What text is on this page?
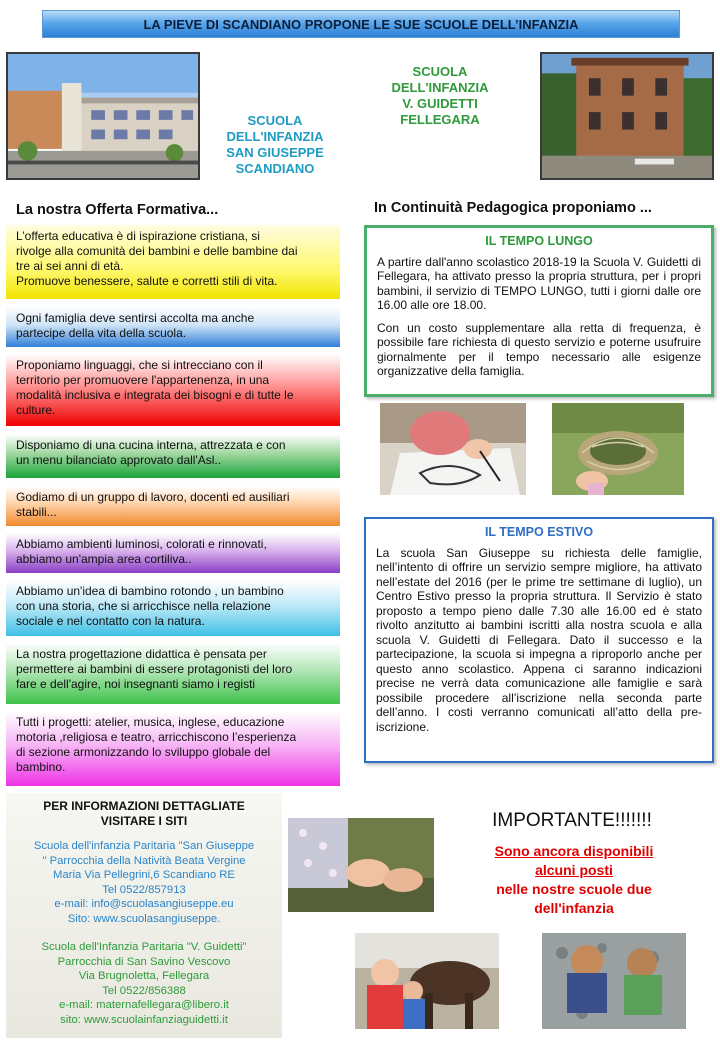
LA PIEVE DI SCANDIANO PROPONE LE SUE SCUOLE DELL’INFANZIA
SCUOLA
DELL'INFANZIA
SAN GIUSEPPE
SCANDIANO
SCUOLA
DELL'INFANZIA
V. GUIDETTI
FELLEGARA
La nostra Offerta Formativa...	In Continuità Pedagogica proponiamo ...
L’offerta educativa è di ispirazione cristiana, si
rivolge alla comunità dei bambini e delle bambine dai
tre ai sei anni di età.
Promuove benessere, salute e corretti stili di vita.
Ogni famiglia deve sentirsi accolta ma anche
partecipe della vita della scuola.
Proponiamo linguaggi, che si intrecciano con il
territorio per promuovere l'appartenenza, in una
modalità inclusiva e integrata dei bisogni e di tutte le
culture.
Disponiamo di una cucina interna, attrezzata e con
un menu bilanciato approvato dall'Asl..
Godiamo di un gruppo di lavoro, docenti ed ausiliari
stabili...
Abbiamo ambienti luminosi, colorati e rinnovati,
abbiamo un'ampia area cortiliva..
Abbiamo un'idea di bambino rotondo , un bambino
con una storia, che si arricchisce nella relazione
sociale e nel contatto con la natura.
La nostra progettazione didattica è pensata per
permettere ai bambini di essere protagonisti del loro
fare e dell'agire, noi insegnanti siamo i registi
Tutti i progetti: atelier, musica, inglese, educazione
motoria ,religiosa e teatro, arricchiscono l’esperienza
di sezione armonizzando lo sviluppo globale del
bambino.
IL TEMPO LUNGO

A partire dall'anno scolastico 2018-19 la Scuola V. Guidetti di Fellegara, ha attivato presso la propria struttura, per i propri bambini, il servizio di TEMPO LUNGO, tutti i giorni dalle ore 16.00 alle ore 18.00.

Con un costo supplementare alla retta di frequenza, è possibile fare richiesta di questo servizio e poterne usufruire giornalmente per il tempo necessario alle esigenze organizzative della famiglia.

IL TEMPO ESTIVO

La scuola San Giuseppe su richiesta delle famiglie, nell’intento di offrire un servizio sempre migliore, ha attivato nell’estate del 2016 (per le prime tre settimane di luglio), un Centro Estivo presso la propria struttura. Il Servizio è stato proposto a tempo pieno dalle 7.30 alle 16.00 ed è stato rivolto anzitutto ai bambini iscritti alla nostra scuola e alla scuola V. Guidetti di Fellegara. Dato il successo e la partecipazione, la scuola si impegna a riproporlo anche per questo anno scolastico. Appena ci saranno indicazioni precise ne verrà data comunicazione alle famiglie e sarà possibile procedere all’iscrizione nella seconda parte dell’anno. I costi verranno comunicati all’atto della pre-iscrizione.

PER INFORMAZIONI DETTAGLIATE
VISITARE I SITI
Scuola dell'infanzia Paritaria "San Giuseppe
" Parrocchia della Natività Beata Vergine
Maria Via Pellegrini,6 Scandiano RE
Tel 0522/857913
e-mail: info@scuolasangiuseppe.eu
Sito: www.scuolasangiuseppe.
Scuola dell'Infanzia Paritaria "V. Guidetti"
Parrocchia di San Savino Vescovo
Via Brugnoletta, Fellegara
Tel 0522/856388
e-mail: maternafellegara@libero.it
sito: www.scuolainfanziaguidetti.it
IMPORTANTE!!!!!!!
Sono ancora disponibili
alcuni posti
nelle nostre scuole due
dell'infanzia
